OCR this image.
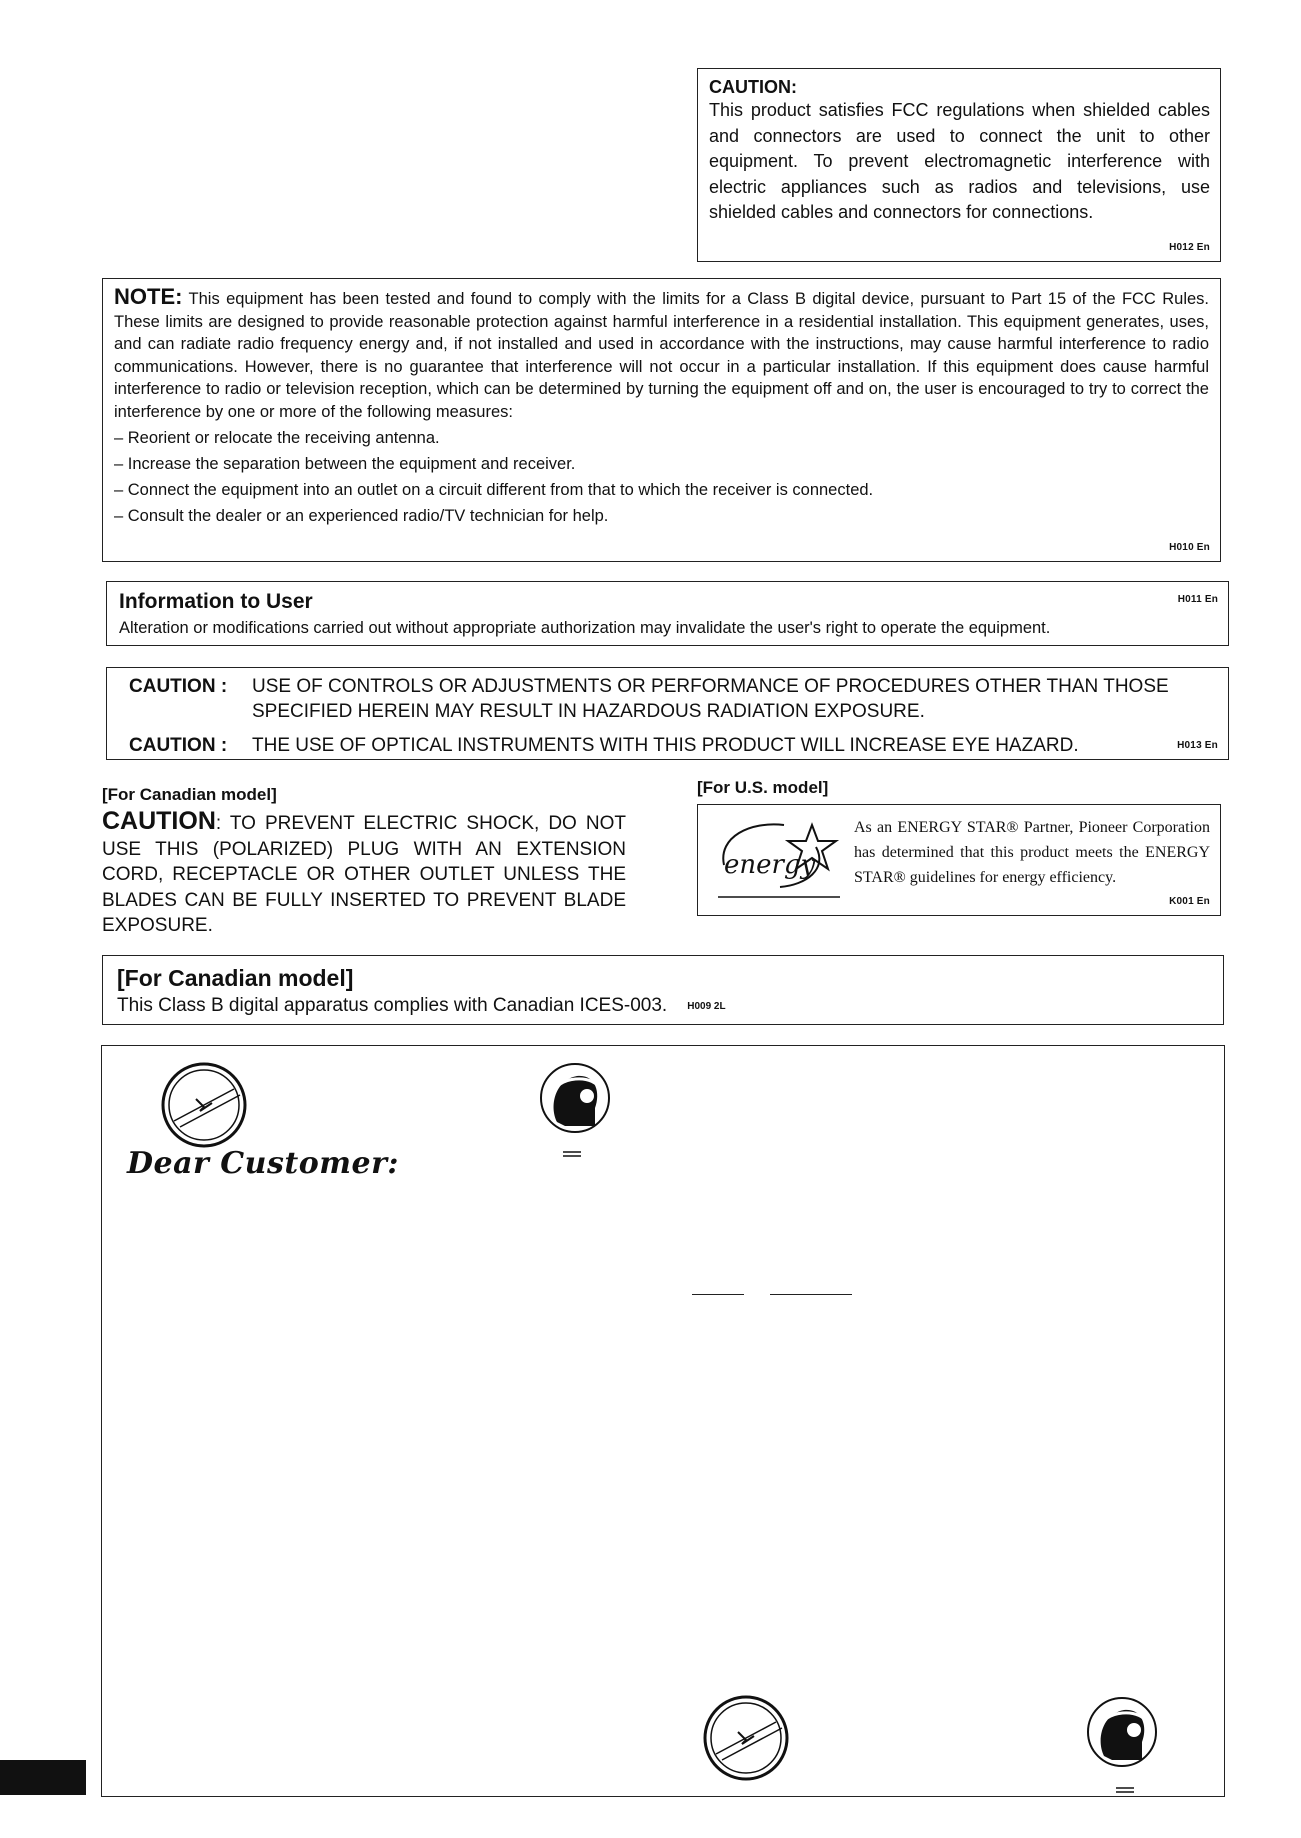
CAUTION:

This product satisfies FCC regulations when shielded cables and connectors are used to connect the unit to other equipment. To prevent electromagnetic interference with electric appliances such as radios and televisions, use shielded cables and connectors for connections.

H012 En

NOTE: This equipment has been tested and found to comply with the limits for a Class B digital device, pursuant to Part 15 of the FCC Rules. These limits are designed to provide reasonable protection against harmful interference in a residential installation. This equipment generates, uses, and can radiate radio frequency energy and, if not installed and used in accordance with the instructions, may cause harmful interference to radio communications. However, there is no guarantee that interference will not occur in a particular installation. If this equipment does cause harmful interference to radio or television reception, which can be determined by turning the equipment off and on, the user is encouraged to try to correct the interference by one or more of the following measures:

– Reorient or relocate the receiving antenna.

– Increase the separation between the equipment and receiver.

– Connect the equipment into an outlet on a circuit different from that to which the receiver is connected.

– Consult the dealer or an experienced radio/TV technician for help.

H010 En

Information to User

Alteration or modifications carried out without appropriate authorization may invalidate the user's right to operate the equipment.

H011 En
CAUTION :	USE OF CONTROLS OR ADJUSTMENTS OR PERFORMANCE OF PROCEDURES OTHER THAN THOSE SPECIFIED HEREIN MAY RESULT IN HAZARDOUS RADIATION EXPOSURE.
CAUTION :	THE USE OF OPTICAL INSTRUMENTS WITH THIS PRODUCT WILL INCREASE EYE HAZARD.	H013 En

[For Canadian model]

CAUTION: TO PREVENT ELECTRIC SHOCK, DO NOT USE THIS (POLARIZED) PLUG WITH AN EXTENSION CORD, RECEPTACLE OR OTHER OUTLET UNLESS THE BLADES CAN BE FULLY INSERTED TO PREVENT BLADE EXPOSURE.

[For U.S. model]
energy

As an ENERGY STAR® Partner, Pioneer Corporation has determined that this product meets the ENERGY STAR® guidelines for energy efficiency.

K001 En

[For Canadian model]

This Class B digital apparatus complies with Canadian ICES-003. H009 2L

Dear Customer:
